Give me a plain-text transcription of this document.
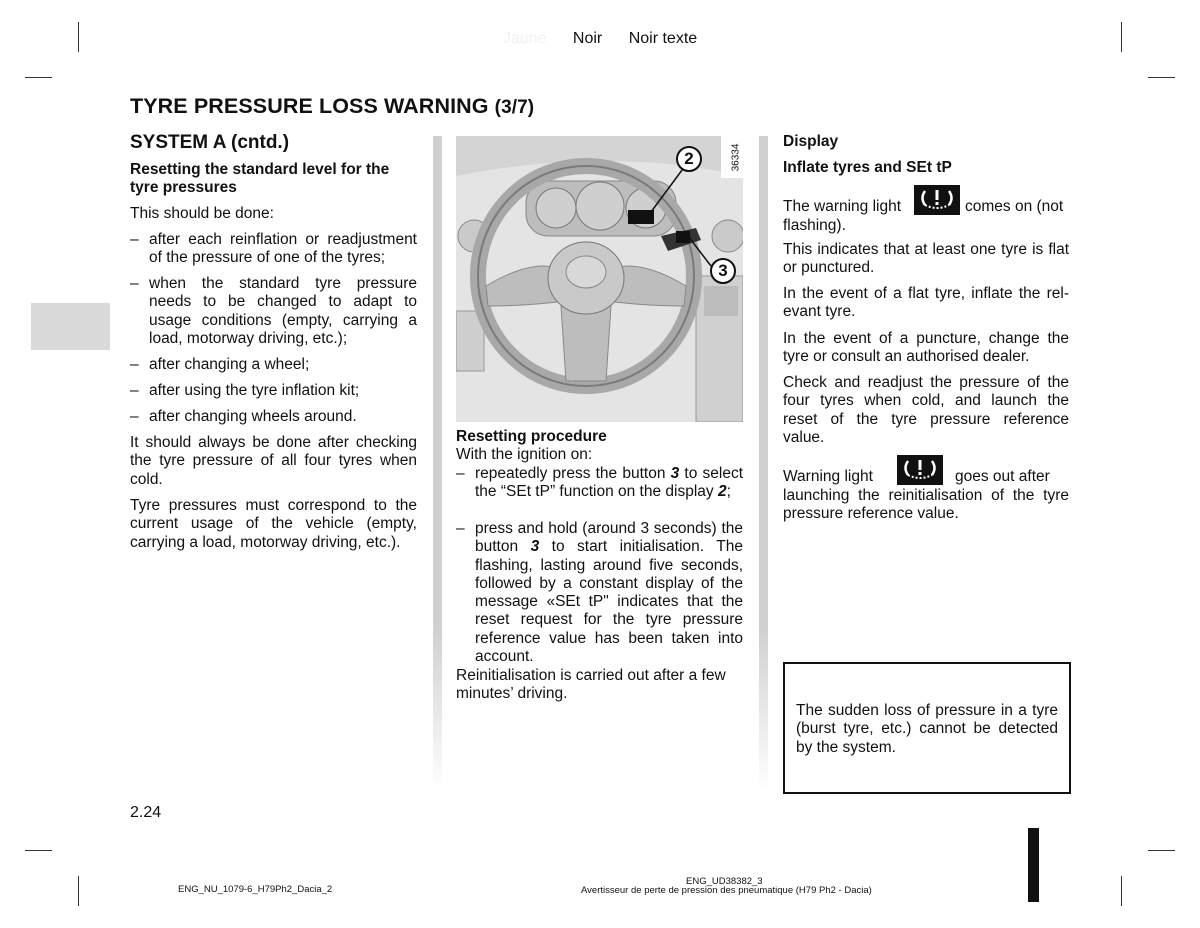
Jaune Noir Noir texte
TYRE PRESSURE LOSS WARNING (3/7)
SYSTEM A (cntd.)
Resetting the standard level for the tyre pressures
This should be done:
– after each reinflation or readjustment of the pressure of one of the tyres;
– when the standard tyre pressure needs to be changed to adapt to usage conditions (empty, carrying a load, motorway driving, etc.);
– after changing a wheel;
– after using the tyre inflation kit;
– after changing wheels around.
It should always be done after checking the tyre pressure of all four tyres when cold.
Tyre pressures must correspond to the current usage of the vehicle (empty, carrying a load, motorway driving, etc.).
36334
2
3
Resetting procedure
With the ignition on:
– repeatedly press the button 3 to select the “SEt tP” function on the display 2;
– press and hold (around 3 seconds) the button 3 to start initialisation. The flashing, lasting around five seconds, followed by a constant display of the message «SEt tP" indicates that the reset request for the tyre pressure reference value has been taken into account.
Reinitialisation is carried out after a few minutes’ driving.
Display
Inflate tyres and SEt tP
The warning light	comes on (not
flashing).
This indicates that at least one tyre is flat or punctured.
In the event of a flat tyre, inflate the relevant tyre.
In the event of a puncture, change the tyre or consult an authorised dealer.
Check and readjust the pressure of the four tyres when cold, and launch the reset of the tyre pressure reference value.
Warning light	goes out after
launching the reinitialisation of the tyre pressure reference value.
The sudden loss of pressure in a tyre (burst tyre, etc.) cannot be detected by the system.
2.24
ENG_NU_1079-6_H79Ph2_Dacia_2
ENG_UD38382_3
Avertisseur de perte de pression des pneumatique (H79 Ph2 - Dacia)
